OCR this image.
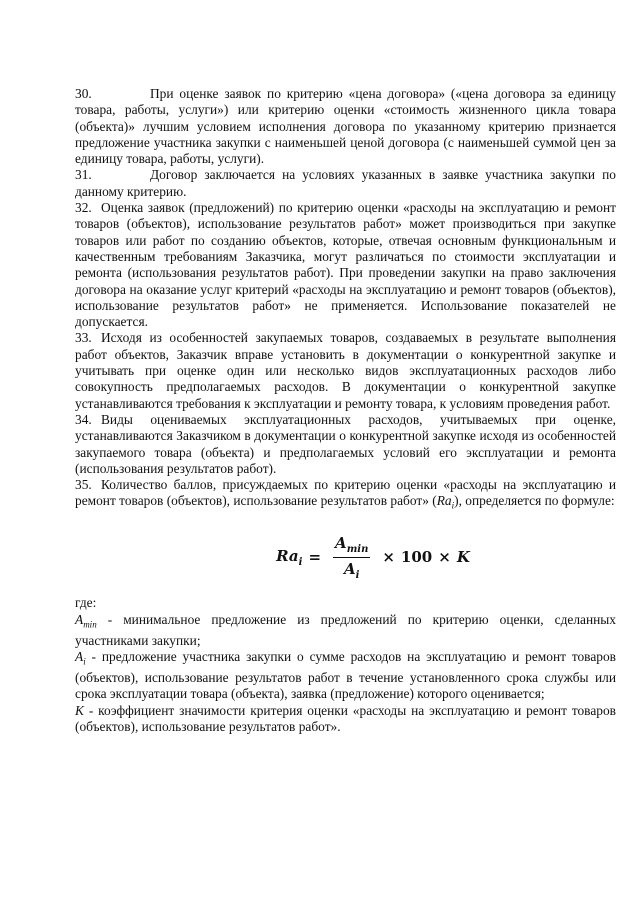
30.	При оценке заявок по критерию «цена договора» («цена договора за единицу товара, работы, услуги») или критерию оценки «стоимость жизненного цикла товара (объекта)» лучшим условием исполнения договора по указанному критерию признается предложение участника закупки с наименьшей ценой договора (с наименьшей суммой цен за единицу товара, работы, услуги).

31.	Договор заключается на условиях указанных в заявке участника закупки по данному критерию.

32. Оценка заявок (предложений) по критерию оценки «расходы на эксплуатацию и ремонт товаров (объектов), использование результатов работ» может производиться при закупке товаров или работ по созданию объектов, которые, отвечая основным функциональным и качественным требованиям Заказчика, могут различаться по стоимости эксплуатации и ремонта (использования результатов работ). При проведении закупки на право заключения договора на оказание услуг критерий «расходы на эксплуатацию и ремонт товаров (объектов), использование результатов работ» не применяется. Использование показателей не допускается.

33. Исходя из особенностей закупаемых товаров, создаваемых в результате выполнения работ объектов, Заказчик вправе установить в документации о конкурентной закупке и учитывать при оценке один или несколько видов эксплуатационных расходов либо совокупность предполагаемых расходов. В документации о конкурентной закупке устанавливаются требования к эксплуатации и ремонту товара, к условиям проведения работ.

34. Виды оцениваемых эксплуатационных расходов, учитываемых при оценке, устанавливаются Заказчиком в документации о конкурентной закупке исходя из особенностей закупаемого товара (объекта) и предполагаемых условий его эксплуатации и ремонта (использования результатов работ).

35. Количество баллов, присуждаемых по критерию оценки «расходы на эксплуатацию и ремонт товаров (объектов), использование результатов работ» $(Ra_i)$, определяется по формуле:

$Ra_i = \frac{A_{min}}{A_i} \times 100 \times K$

где:

$A_{min}$ - минимальное предложение из предложений по критерию оценки, сделанных участниками закупки;

$A_i$ - предложение участника закупки о сумме расходов на эксплуатацию и ремонт товаров (объектов), использование результатов работ в течение установленного срока службы или срока эксплуатации товара (объекта), заявка (предложение) которого оценивается;

K - коэффициент значимости критерия оценки «расходы на эксплуатацию и ремонт товаров (объектов), использование результатов работ».
